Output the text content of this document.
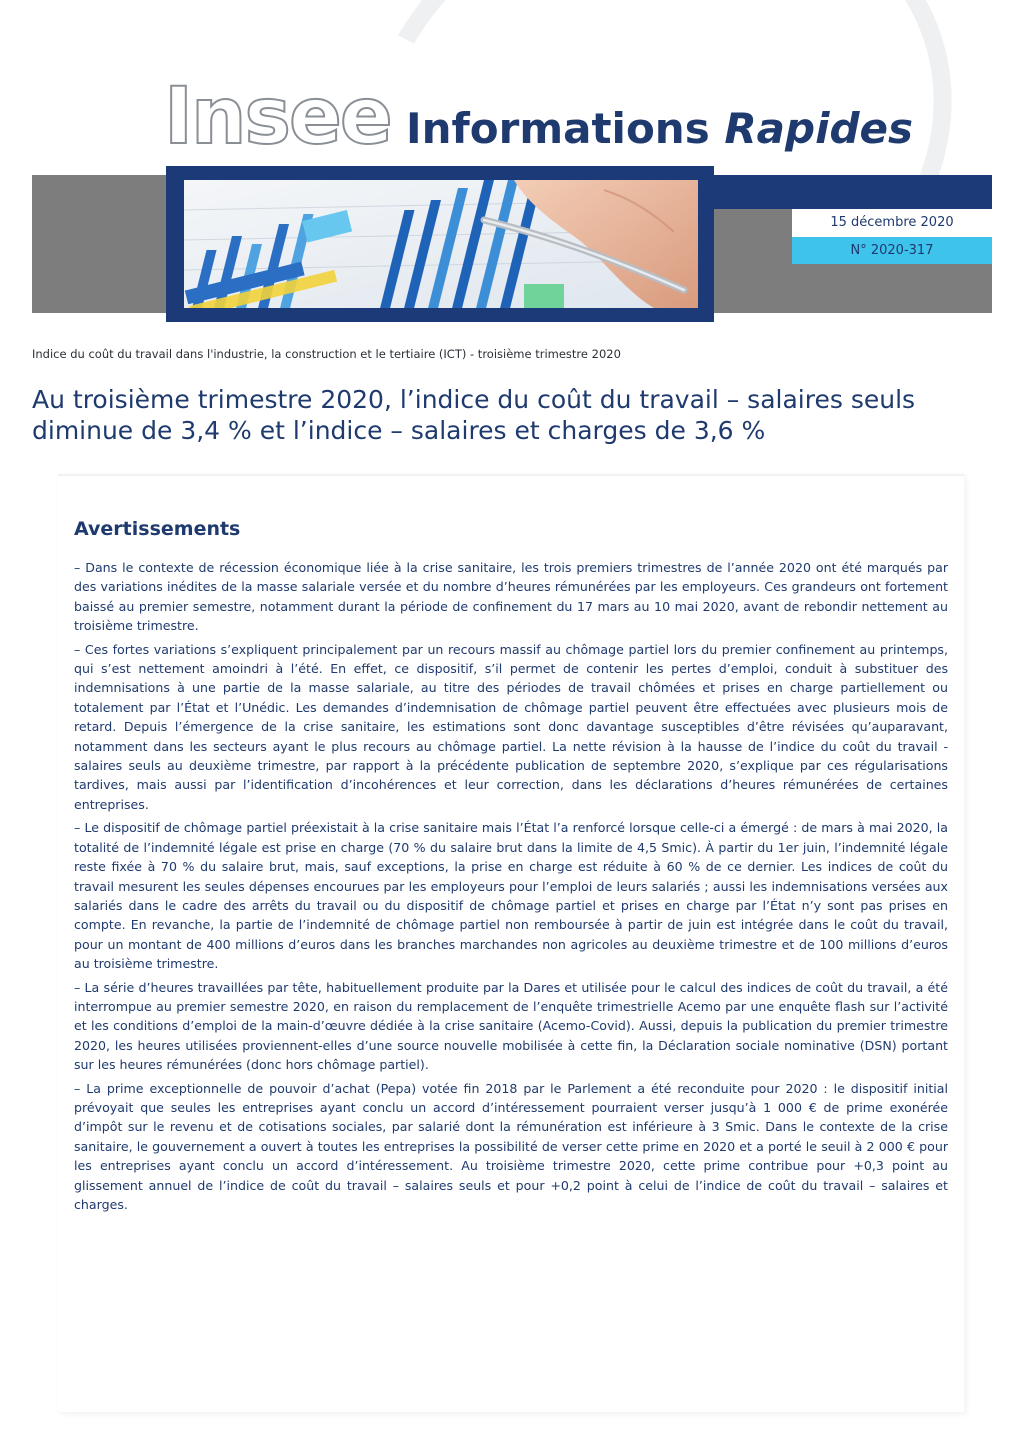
Insee Informations Rapides
15 décembre 2020
N° 2020-317
Indice du coût du travail dans l'industrie, la construction et le tertiaire (ICT) - troisième trimestre 2020
Au troisième trimestre 2020, l’indice du coût du travail – salaires seuls diminue de 3,4 % et l’indice – salaires et charges de 3,6 %
Avertissements

– Dans le contexte de récession économique liée à la crise sanitaire, les trois premiers trimestres de l’année 2020 ont été marqués par des variations inédites de la masse salariale versée et du nombre d’heures rémunérées par les employeurs. Ces grandeurs ont fortement baissé au premier semestre, notamment durant la période de confinement du 17 mars au 10 mai 2020, avant de rebondir nettement au troisième trimestre.

– Ces fortes variations s’expliquent principalement par un recours massif au chômage partiel lors du premier confinement au printemps, qui s’est nettement amoindri à l’été. En effet, ce dispositif, s’il permet de contenir les pertes d’emploi, conduit à substituer des indemnisations à une partie de la masse salariale, au titre des périodes de travail chômées et prises en charge partiellement ou totalement par l’État et l’Unédic. Les demandes d’indemnisation de chômage partiel peuvent être effectuées avec plusieurs mois de retard. Depuis l’émergence de la crise sanitaire, les estimations sont donc davantage susceptibles d’être révisées qu’auparavant, notamment dans les secteurs ayant le plus recours au chômage partiel. La nette révision à la hausse de l’indice du coût du travail - salaires seuls au deuxième trimestre, par rapport à la précédente publication de septembre 2020, s’explique par ces régularisations tardives, mais aussi par l’identification d’incohérences et leur correction, dans les déclarations d’heures rémunérées de certaines entreprises.

– Le dispositif de chômage partiel préexistait à la crise sanitaire mais l’État l’a renforcé lorsque celle-ci a émergé : de mars à mai 2020, la totalité de l’indemnité légale est prise en charge (70 % du salaire brut dans la limite de 4,5 Smic). À partir du 1er juin, l’indemnité légale reste fixée à 70 % du salaire brut, mais, sauf exceptions, la prise en charge est réduite à 60 % de ce dernier. Les indices de coût du travail mesurent les seules dépenses encourues par les employeurs pour l’emploi de leurs salariés ; aussi les indemnisations versées aux salariés dans le cadre des arrêts du travail ou du dispositif de chômage partiel et prises en charge par l’État n’y sont pas prises en compte. En revanche, la partie de l’indemnité de chômage partiel non remboursée à partir de juin est intégrée dans le coût du travail, pour un montant de 400 millions d’euros dans les branches marchandes non agricoles au deuxième trimestre et de 100 millions d’euros au troisième trimestre.

– La série d’heures travaillées par tête, habituellement produite par la Dares et utilisée pour le calcul des indices de coût du travail, a été interrompue au premier semestre 2020, en raison du remplacement de l’enquête trimestrielle Acemo par une enquête flash sur l’activité et les conditions d’emploi de la main-d’œuvre dédiée à la crise sanitaire (Acemo-Covid). Aussi, depuis la publication du premier trimestre 2020, les heures utilisées proviennent-elles d’une source nouvelle mobilisée à cette fin, la Déclaration sociale nominative (DSN) portant sur les heures rémunérées (donc hors chômage partiel).

– La prime exceptionnelle de pouvoir d’achat (Pepa) votée fin 2018 par le Parlement a été reconduite pour 2020 : le dispositif initial prévoyait que seules les entreprises ayant conclu un accord d’intéressement pourraient verser jusqu’à 1 000 € de prime exonérée d’impôt sur le revenu et de cotisations sociales, par salarié dont la rémunération est inférieure à 3 Smic. Dans le contexte de la crise sanitaire, le gouvernement a ouvert à toutes les entreprises la possibilité de verser cette prime en 2020 et a porté le seuil à 2 000 € pour les entreprises ayant conclu un accord d’intéressement. Au troisième trimestre 2020, cette prime contribue pour +0,3 point au glissement annuel de l’indice de coût du travail – salaires seuls et pour +0,2 point à celui de l’indice de coût du travail – salaires et charges.
